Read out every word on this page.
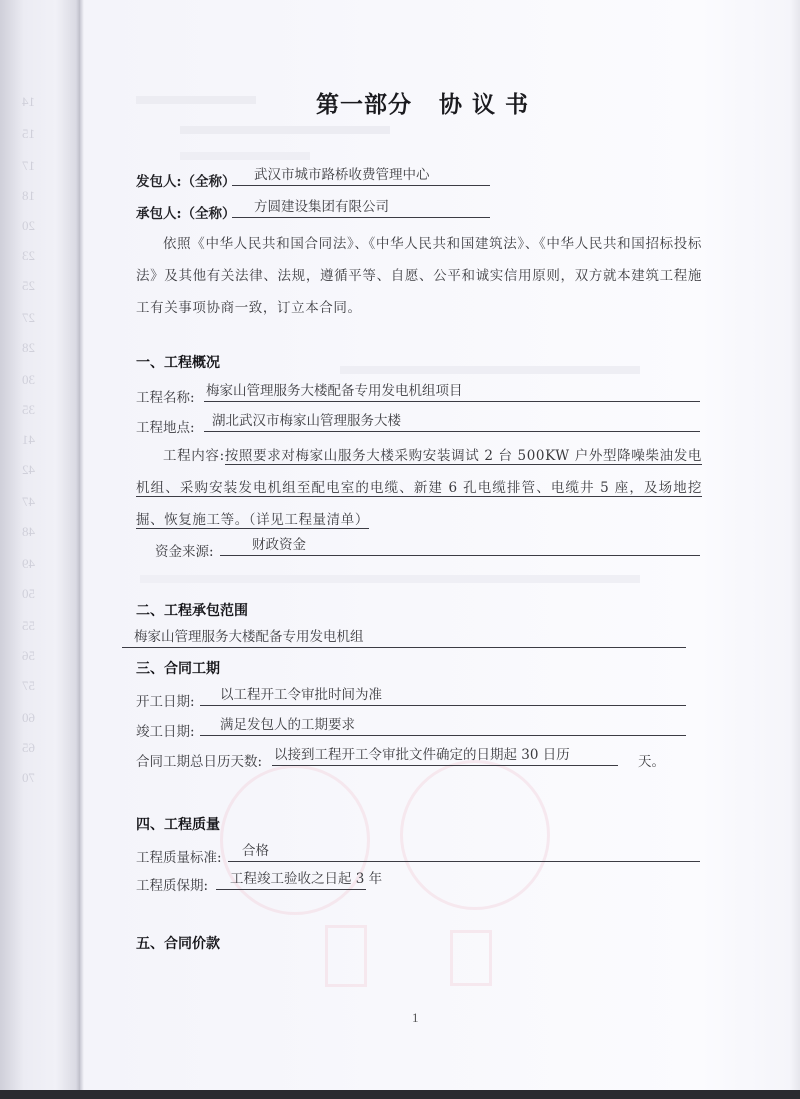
14
15
17
18
20
23
25
27
28
30
35
41
42
47
48
49
50
55
56
57
60
65
70
第一部分   协 议 书
发包人:（全称） 武汉市城市路桥收费管理中心
承包人:（全称） 方圆建设集团有限公司
依照《中华人民共和国合同法》、《中华人民共和国建筑法》、《中华人民共和国招标投标法》及其他有关法律、法规，遵循平等、自愿、公平和诚实信用原则，双方就本建筑工程施工有关事项协商一致，订立本合同。
一、工程概况
工程名称: 梅家山管理服务大楼配备专用发电机组项目
工程地点: 湖北武汉市梅家山管理服务大楼
工程内容:按照要求对梅家山服务大楼采购安装调试 2 台 500KW 户外型降噪柴油发电机组、采购安装发电机组至配电室的电缆、新建 6 孔电缆排管、电缆井 5 座，及场地挖掘、恢复施工等。（详见工程量清单）
资金来源:	财政资金
二、工程承包范围
梅家山管理服务大楼配备专用发电机组
三、合同工期
开工日期: 以工程开工令审批时间为准
竣工日期: 满足发包人的工期要求
合同工期总日历天数: 以接到工程开工令审批文件确定的日期起 30 日历	天。
四、工程质量
工程质量标准: 合格
工程质保期: 工程竣工验收之日起 3 年
五、合同价款
1
